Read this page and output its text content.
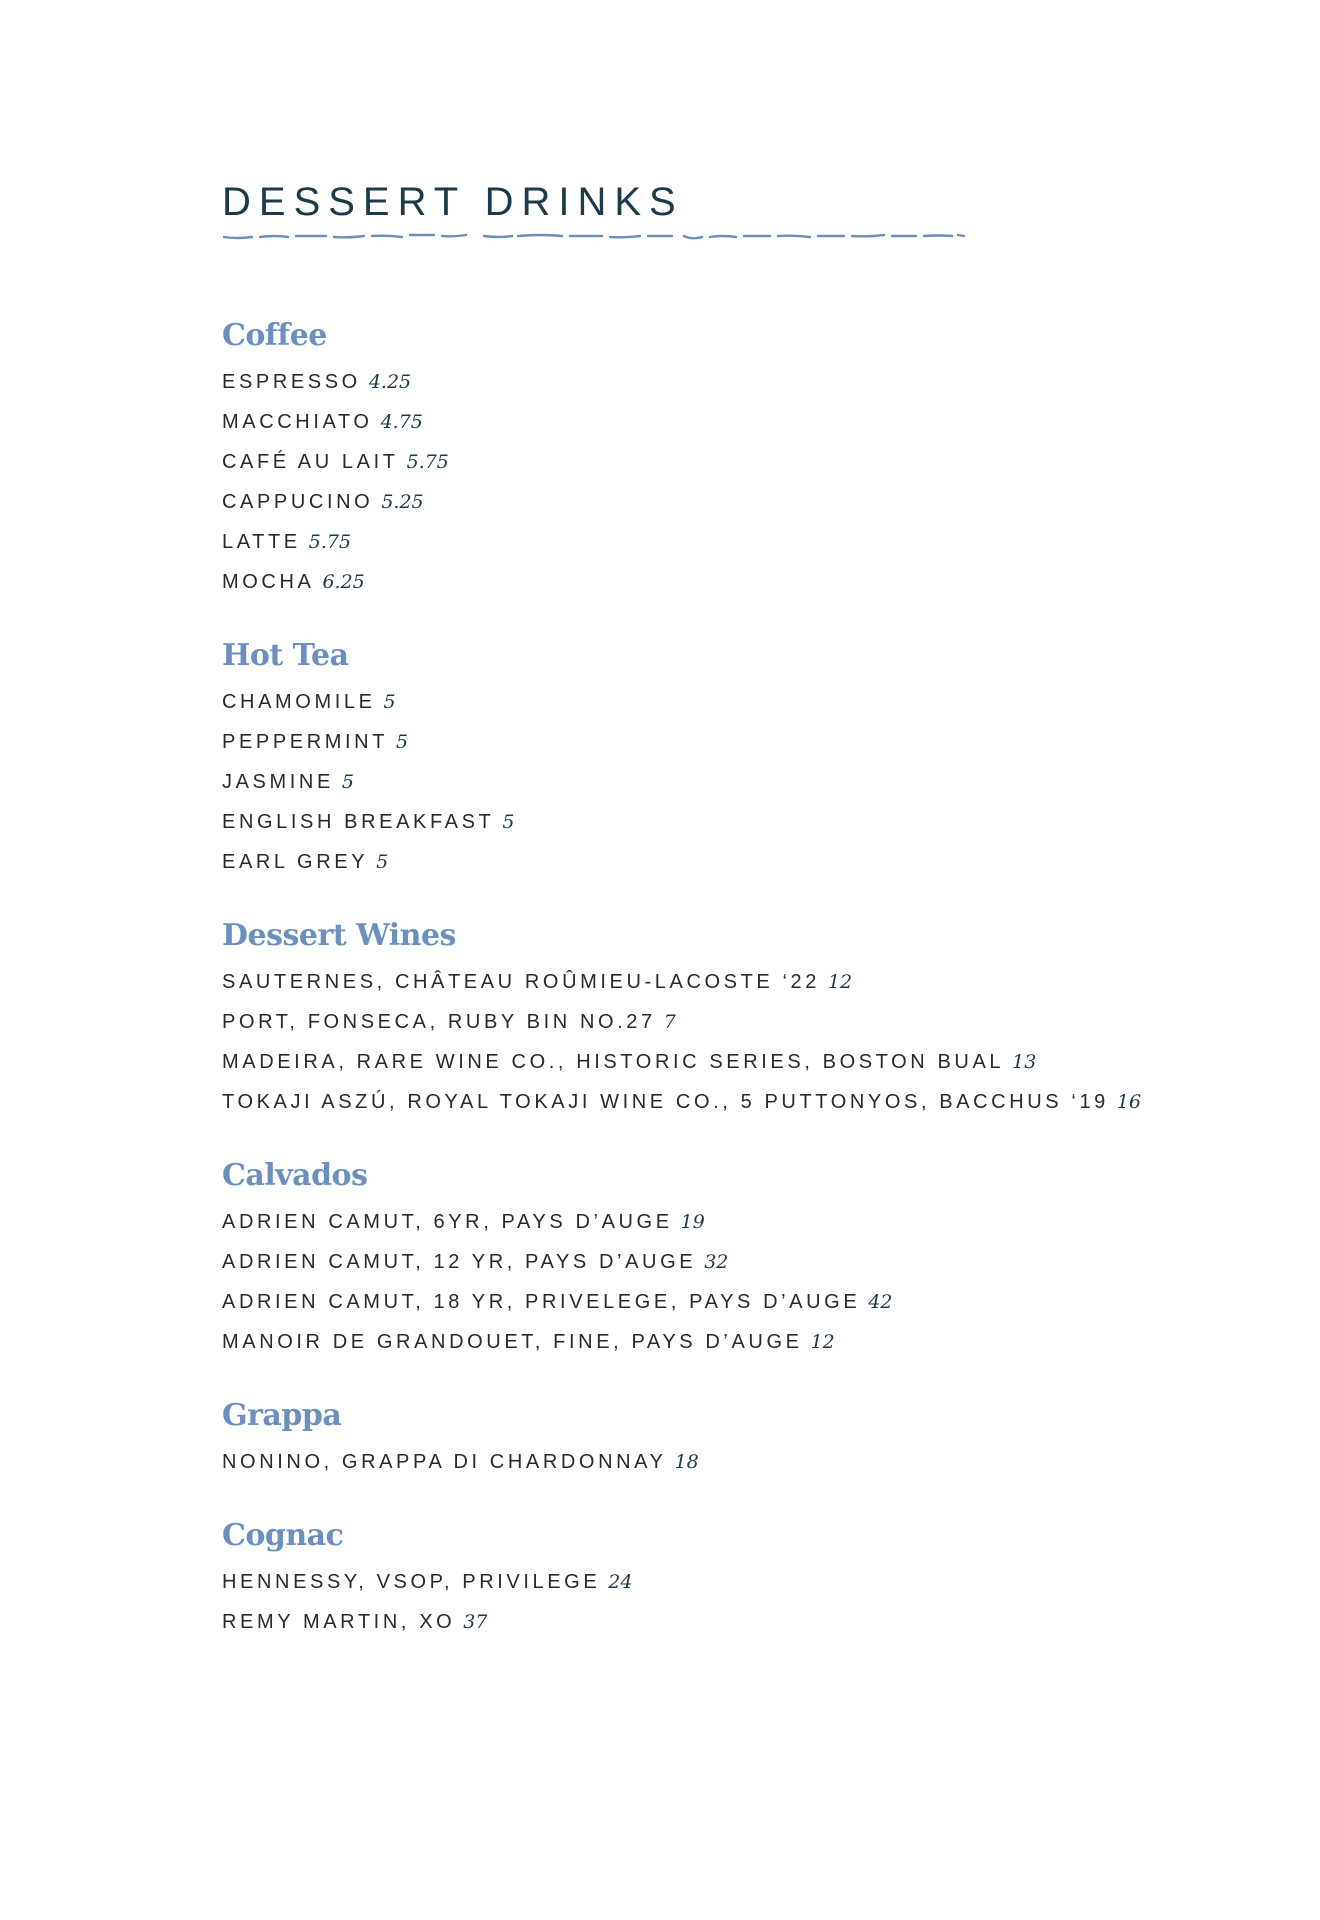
DESSERT DRINKS
Coffee
ESPRESSO 4.25
MACCHIATO 4.75
CAFÉ AU LAIT 5.75
CAPPUCINO 5.25
LATTE 5.75
MOCHA 6.25
Hot Tea
CHAMOMILE 5
PEPPERMINT 5
JASMINE 5
ENGLISH BREAKFAST 5
EARL GREY 5
Dessert Wines
SAUTERNES, CHÂTEAU ROÛMIEU-LACOSTE ‘22 12
PORT, FONSECA, RUBY BIN NO.27 7
MADEIRA, RARE WINE CO., HISTORIC SERIES, BOSTON BUAL 13
TOKAJI ASZÚ, ROYAL TOKAJI WINE CO., 5 PUTTONYOS, BACCHUS ‘19 16
Calvados
ADRIEN CAMUT, 6YR, PAYS D’AUGE 19
ADRIEN CAMUT, 12 YR, PAYS D’AUGE 32
ADRIEN CAMUT, 18 YR, PRIVELEGE, PAYS D’AUGE 42
MANOIR DE GRANDOUET, FINE, PAYS D’AUGE 12
Grappa
NONINO, GRAPPA DI CHARDONNAY 18
Cognac
HENNESSY, VSOP, PRIVILEGE 24
REMY MARTIN, XO 37
